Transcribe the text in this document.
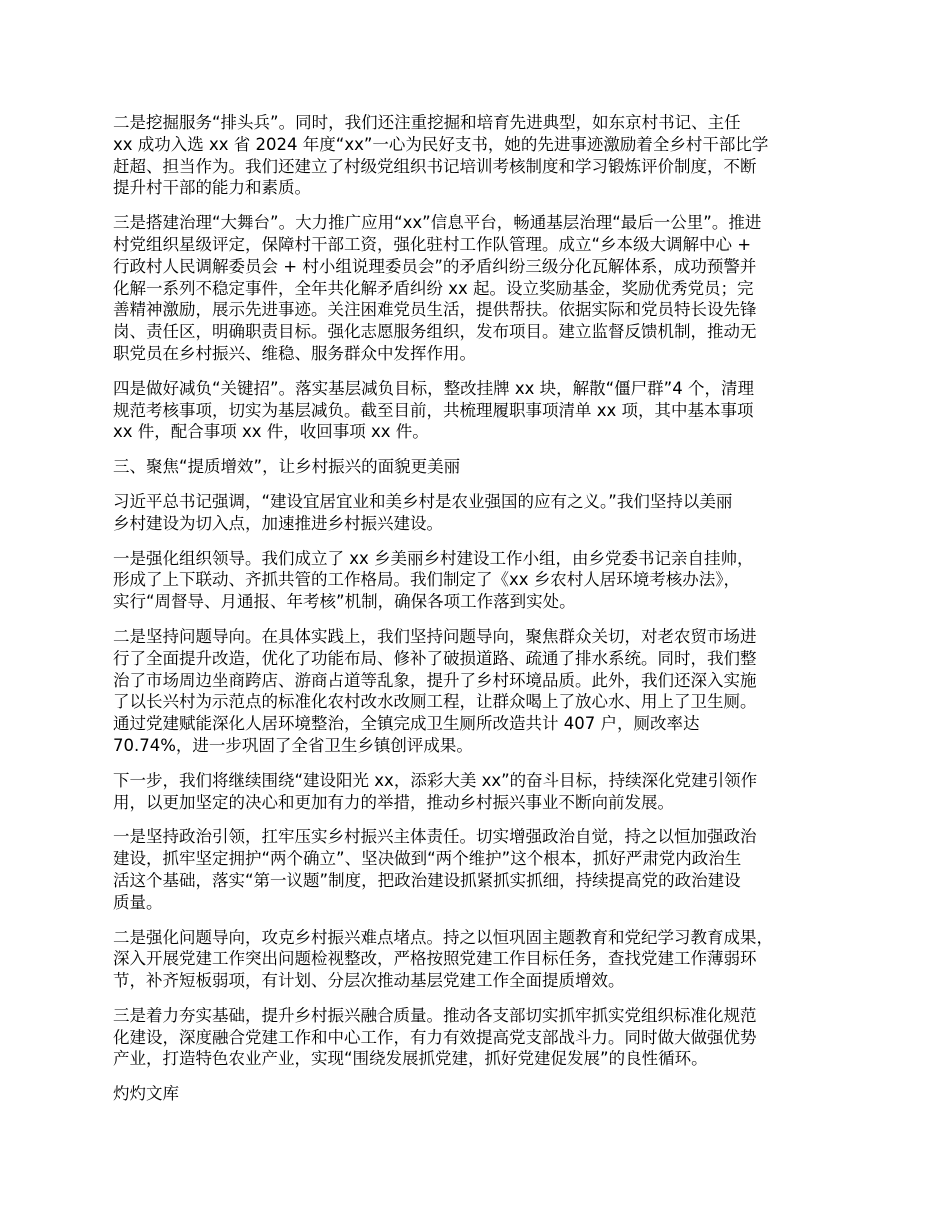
二是挖掘服务“排头兵”。同时，我们还注重挖掘和培育先进典型，如东京村书记、主任
xx 成功入选 xx 省 2024 年度“xx”一心为民好支书，她的先进事迹激励着全乡村干部比学
赶超、担当作为。我们还建立了村级党组织书记培训考核制度和学习锻炼评价制度，不断
提升村干部的能力和素质。

三是搭建治理“大舞台”。大力推广应用“xx”信息平台，畅通基层治理“最后一公里”。推进
村党组织星级评定，保障村干部工资，强化驻村工作队管理。成立“乡本级大调解中心 +
行政村人民调解委员会 + 村小组说理委员会”的矛盾纠纷三级分化瓦解体系，成功预警并
化解一系列不稳定事件，全年共化解矛盾纠纷 xx 起。设立奖励基金，奖励优秀党员；完
善精神激励，展示先进事迹。关注困难党员生活，提供帮扶。依据实际和党员特长设先锋
岗、责任区，明确职责目标。强化志愿服务组织，发布项目。建立监督反馈机制，推动无
职党员在乡村振兴、维稳、服务群众中发挥作用。

四是做好减负“关键招”。落实基层减负目标，整改挂牌 xx 块，解散“僵尸群”4 个，清理
规范考核事项，切实为基层减负。截至目前，共梳理履职事项清单 xx 项，其中基本事项
xx 件，配合事项 xx 件，收回事项 xx 件。

三、聚焦“提质增效”，让乡村振兴的面貌更美丽

习近平总书记强调，“建设宜居宜业和美乡村是农业强国的应有之义。”我们坚持以美丽
乡村建设为切入点，加速推进乡村振兴建设。

一是强化组织领导。我们成立了 xx 乡美丽乡村建设工作小组，由乡党委书记亲自挂帅，
形成了上下联动、齐抓共管的工作格局。我们制定了《xx 乡农村人居环境考核办法》，
实行“周督导、月通报、年考核”机制，确保各项工作落到实处。

二是坚持问题导向。在具体实践上，我们坚持问题导向，聚焦群众关切，对老农贸市场进
行了全面提升改造，优化了功能布局、修补了破损道路、疏通了排水系统。同时，我们整
治了市场周边坐商跨店、游商占道等乱象，提升了乡村环境品质。此外，我们还深入实施
了以长兴村为示范点的标准化农村改水改厕工程，让群众喝上了放心水、用上了卫生厕。
通过党建赋能深化人居环境整治，全镇完成卫生厕所改造共计 407 户，厕改率达
70.74%，进一步巩固了全省卫生乡镇创评成果。

下一步，我们将继续围绕“建设阳光 xx，添彩大美 xx”的奋斗目标，持续深化党建引领作
用，以更加坚定的决心和更加有力的举措，推动乡村振兴事业不断向前发展。

一是坚持政治引领，扛牢压实乡村振兴主体责任。切实增强政治自觉，持之以恒加强政治
建设，抓牢坚定拥护“两个确立”、坚决做到“两个维护”这个根本，抓好严肃党内政治生
活这个基础，落实“第一议题”制度，把政治建设抓紧抓实抓细，持续提高党的政治建设
质量。

二是强化问题导向，攻克乡村振兴难点堵点。持之以恒巩固主题教育和党纪学习教育成果，
深入开展党建工作突出问题检视整改，严格按照党建工作目标任务，查找党建工作薄弱环
节，补齐短板弱项，有计划、分层次推动基层党建工作全面提质增效。

三是着力夯实基础，提升乡村振兴融合质量。推动各支部切实抓牢抓实党组织标准化规范
化建设，深度融合党建工作和中心工作，有力有效提高党支部战斗力。同时做大做强优势
产业，打造特色农业产业，实现“围绕发展抓党建，抓好党建促发展”的良性循环。

灼灼文库
